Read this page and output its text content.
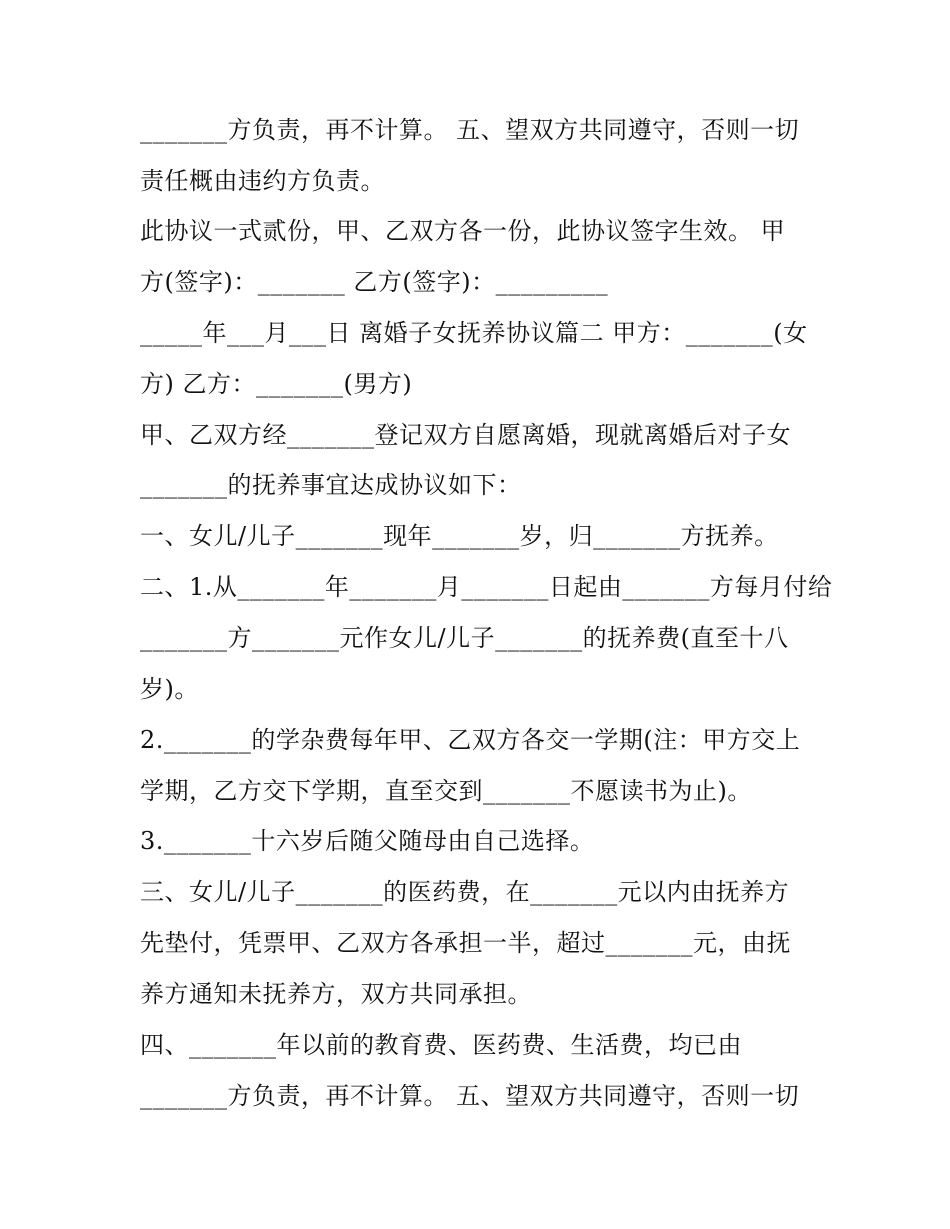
_______方负责，再不计算。 五、望双方共同遵守，否则一切
责任概由违约方负责。
此协议一式贰份，甲、乙双方各一份，此协议签字生效。 甲
方(签字)：_______ 乙方(签字)：_________
_____年___月___日 离婚子女抚养协议篇二 甲方：_______(女
方) 乙方：_______(男方)
甲、乙双方经_______登记双方自愿离婚，现就离婚后对子女
_______的抚养事宜达成协议如下：
一、女儿/儿子_______现年_______岁，归_______方抚养。
二、1.从_______年_______月_______日起由_______方每月付给
_______方_______元作女儿/儿子_______的抚养费(直至十八
岁)。
2._______的学杂费每年甲、乙双方各交一学期(注：甲方交上
学期，乙方交下学期，直至交到_______不愿读书为止)。
3._______十六岁后随父随母由自己选择。
三、女儿/儿子_______的医药费，在_______元以内由抚养方
先垫付，凭票甲、乙双方各承担一半，超过_______元，由抚
养方通知未抚养方，双方共同承担。
四、_______年以前的教育费、医药费、生活费，均已由
_______方负责，再不计算。 五、望双方共同遵守，否则一切
